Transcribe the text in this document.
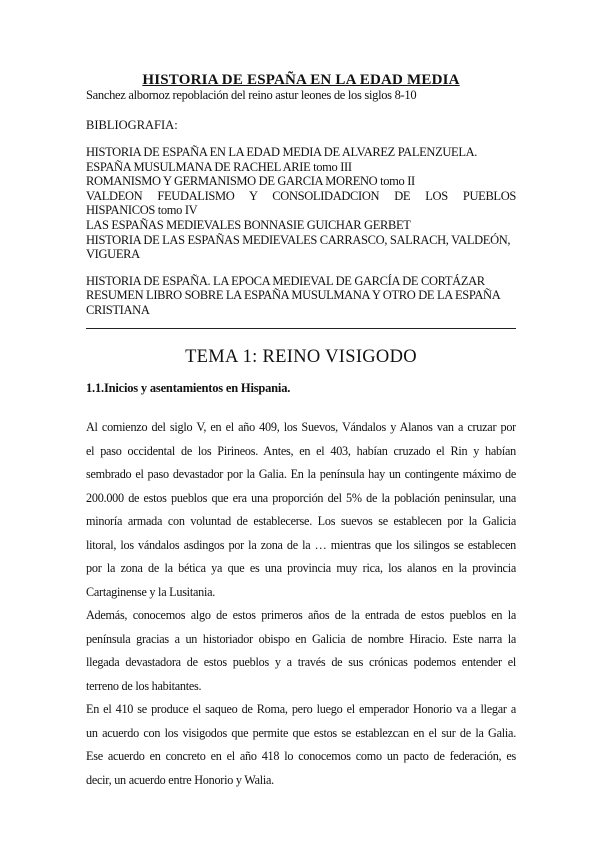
HISTORIA DE ESPAÑA EN LA EDAD MEDIA
Sanchez albornoz repoblación del reino astur leones de los siglos 8-10
BIBLIOGRAFIA:
HISTORIA DE ESPAÑA EN LA EDAD MEDIA DE ALVAREZ PALENZUELA.
ESPAÑA MUSULMANA DE RACHEL ARIE tomo III
ROMANISMO Y GERMANISMO DE GARCIA MORENO tomo II
VALDEON FEUDALISMO Y CONSOLIDADCION DE LOS PUEBLOS
HISPANICOS tomo IV
LAS ESPAÑAS MEDIEVALES BONNASIE GUICHAR GERBET
HISTORIA DE LAS ESPAÑAS MEDIEVALES CARRASCO, SALRACH, VALDEÓN,
VIGUERA
HISTORIA DE ESPAÑA. LA EPOCA MEDIEVAL DE GARCÍA DE CORTÁZAR
RESUMEN LIBRO SOBRE LA ESPAÑA MUSULMANA Y OTRO DE LA ESPAÑA
CRISTIANA
TEMA 1: REINO VISIGODO
1.1.Inicios y asentamientos en Hispania.
Al comienzo del siglo V, en el año 409, los Suevos, Vándalos y Alanos van a cruzar por
el paso occidental de los Pirineos. Antes, en el 403, habían cruzado el Rin y habían
sembrado el paso devastador por la Galia. En la península hay un contingente máximo de
200.000 de estos pueblos que era una proporción del 5% de la población peninsular, una
minoría armada con voluntad de establecerse. Los suevos se establecen por la Galicia
litoral, los vándalos asdingos por la zona de la … mientras que los silingos se establecen
por la zona de la bética ya que es una provincia muy rica, los alanos en la provincia
Cartaginense y la Lusitania.
Además, conocemos algo de estos primeros años de la entrada de estos pueblos en la
península gracias a un historiador obispo en Galicia de nombre Hiracio. Este narra la
llegada devastadora de estos pueblos y a través de sus crónicas podemos entender el
terreno de los habitantes.
En el 410 se produce el saqueo de Roma, pero luego el emperador Honorio va a llegar a
un acuerdo con los visigodos que permite que estos se establezcan en el sur de la Galia.
Ese acuerdo en concreto en el año 418 lo conocemos como un pacto de federación, es
decir, un acuerdo entre Honorio y Walia.
